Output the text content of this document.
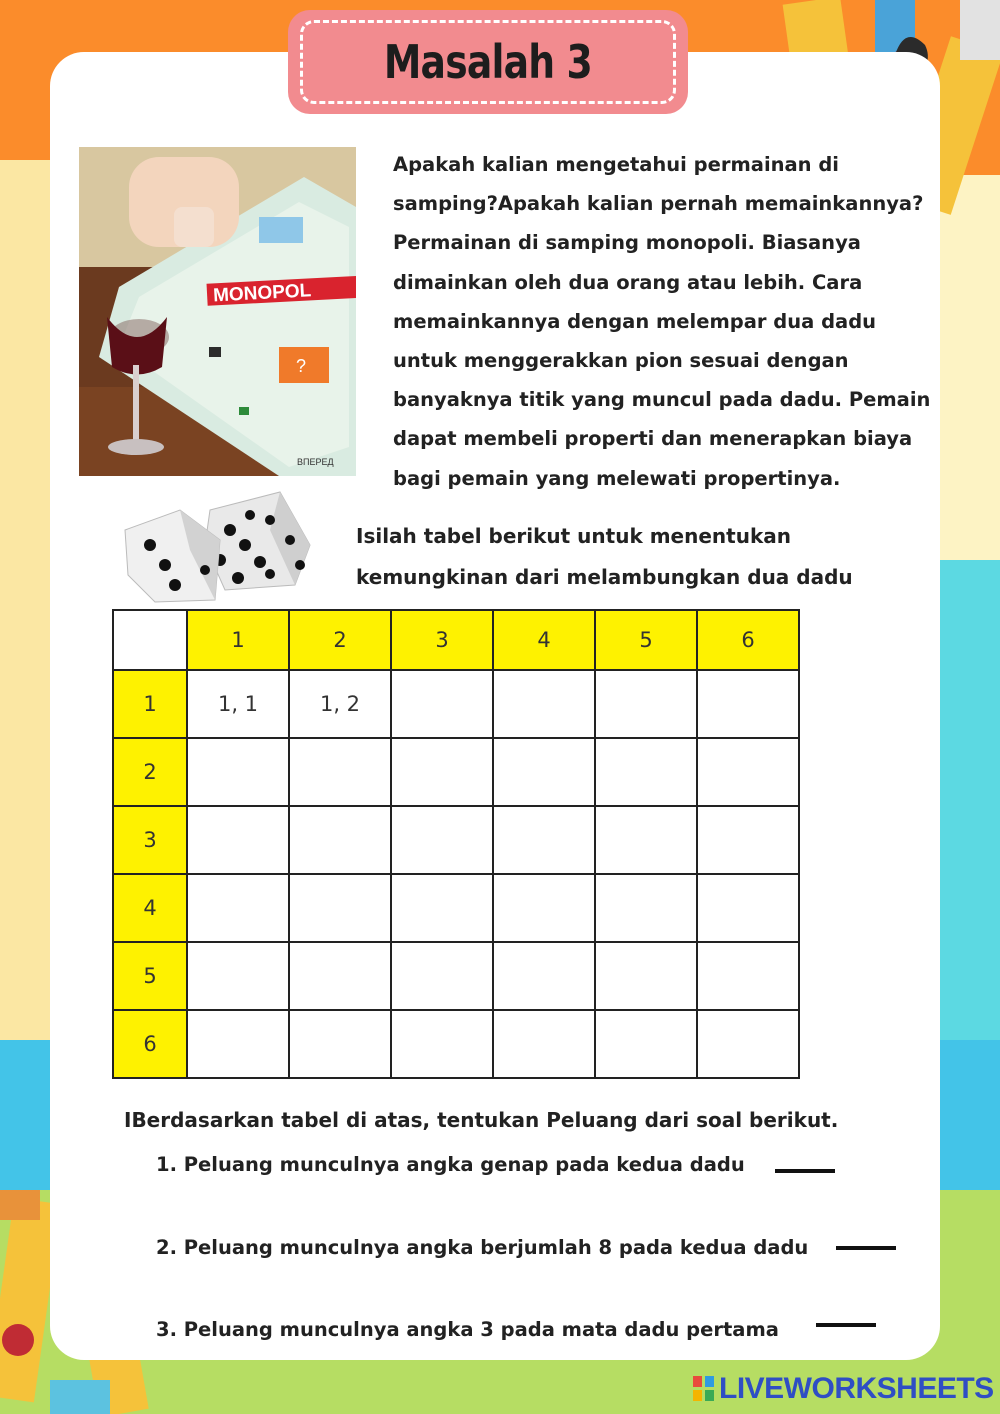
Masalah 3
MONOPOL
?
ВПЕРЕД
Apakah kalian mengetahui permainan di samping?Apakah kalian pernah memainkannya? Permainan di samping monopoli. Biasanya dimainkan oleh dua orang atau lebih. Cara memainkannya dengan melempar dua dadu untuk menggerakkan pion sesuai dengan banyaknya titik yang muncul pada dadu. Pemain dapat membeli properti dan menerapkan biaya bagi pemain yang melewati propertinya.
Isilah tabel berikut untuk menentukan
kemungkinan dari melambungkan dua dadu
	1	2	3	4	5	6
1	1, 1	1, 2				
2						
3						
4						
5						
6						
IBerdasarkan tabel di atas, tentukan Peluang dari soal berikut.
1. Peluang munculnya angka genap pada kedua dadu
2. Peluang munculnya angka berjumlah 8 pada kedua dadu
3. Peluang munculnya angka 3 pada mata dadu pertama
LIVEWORKSHEETS
